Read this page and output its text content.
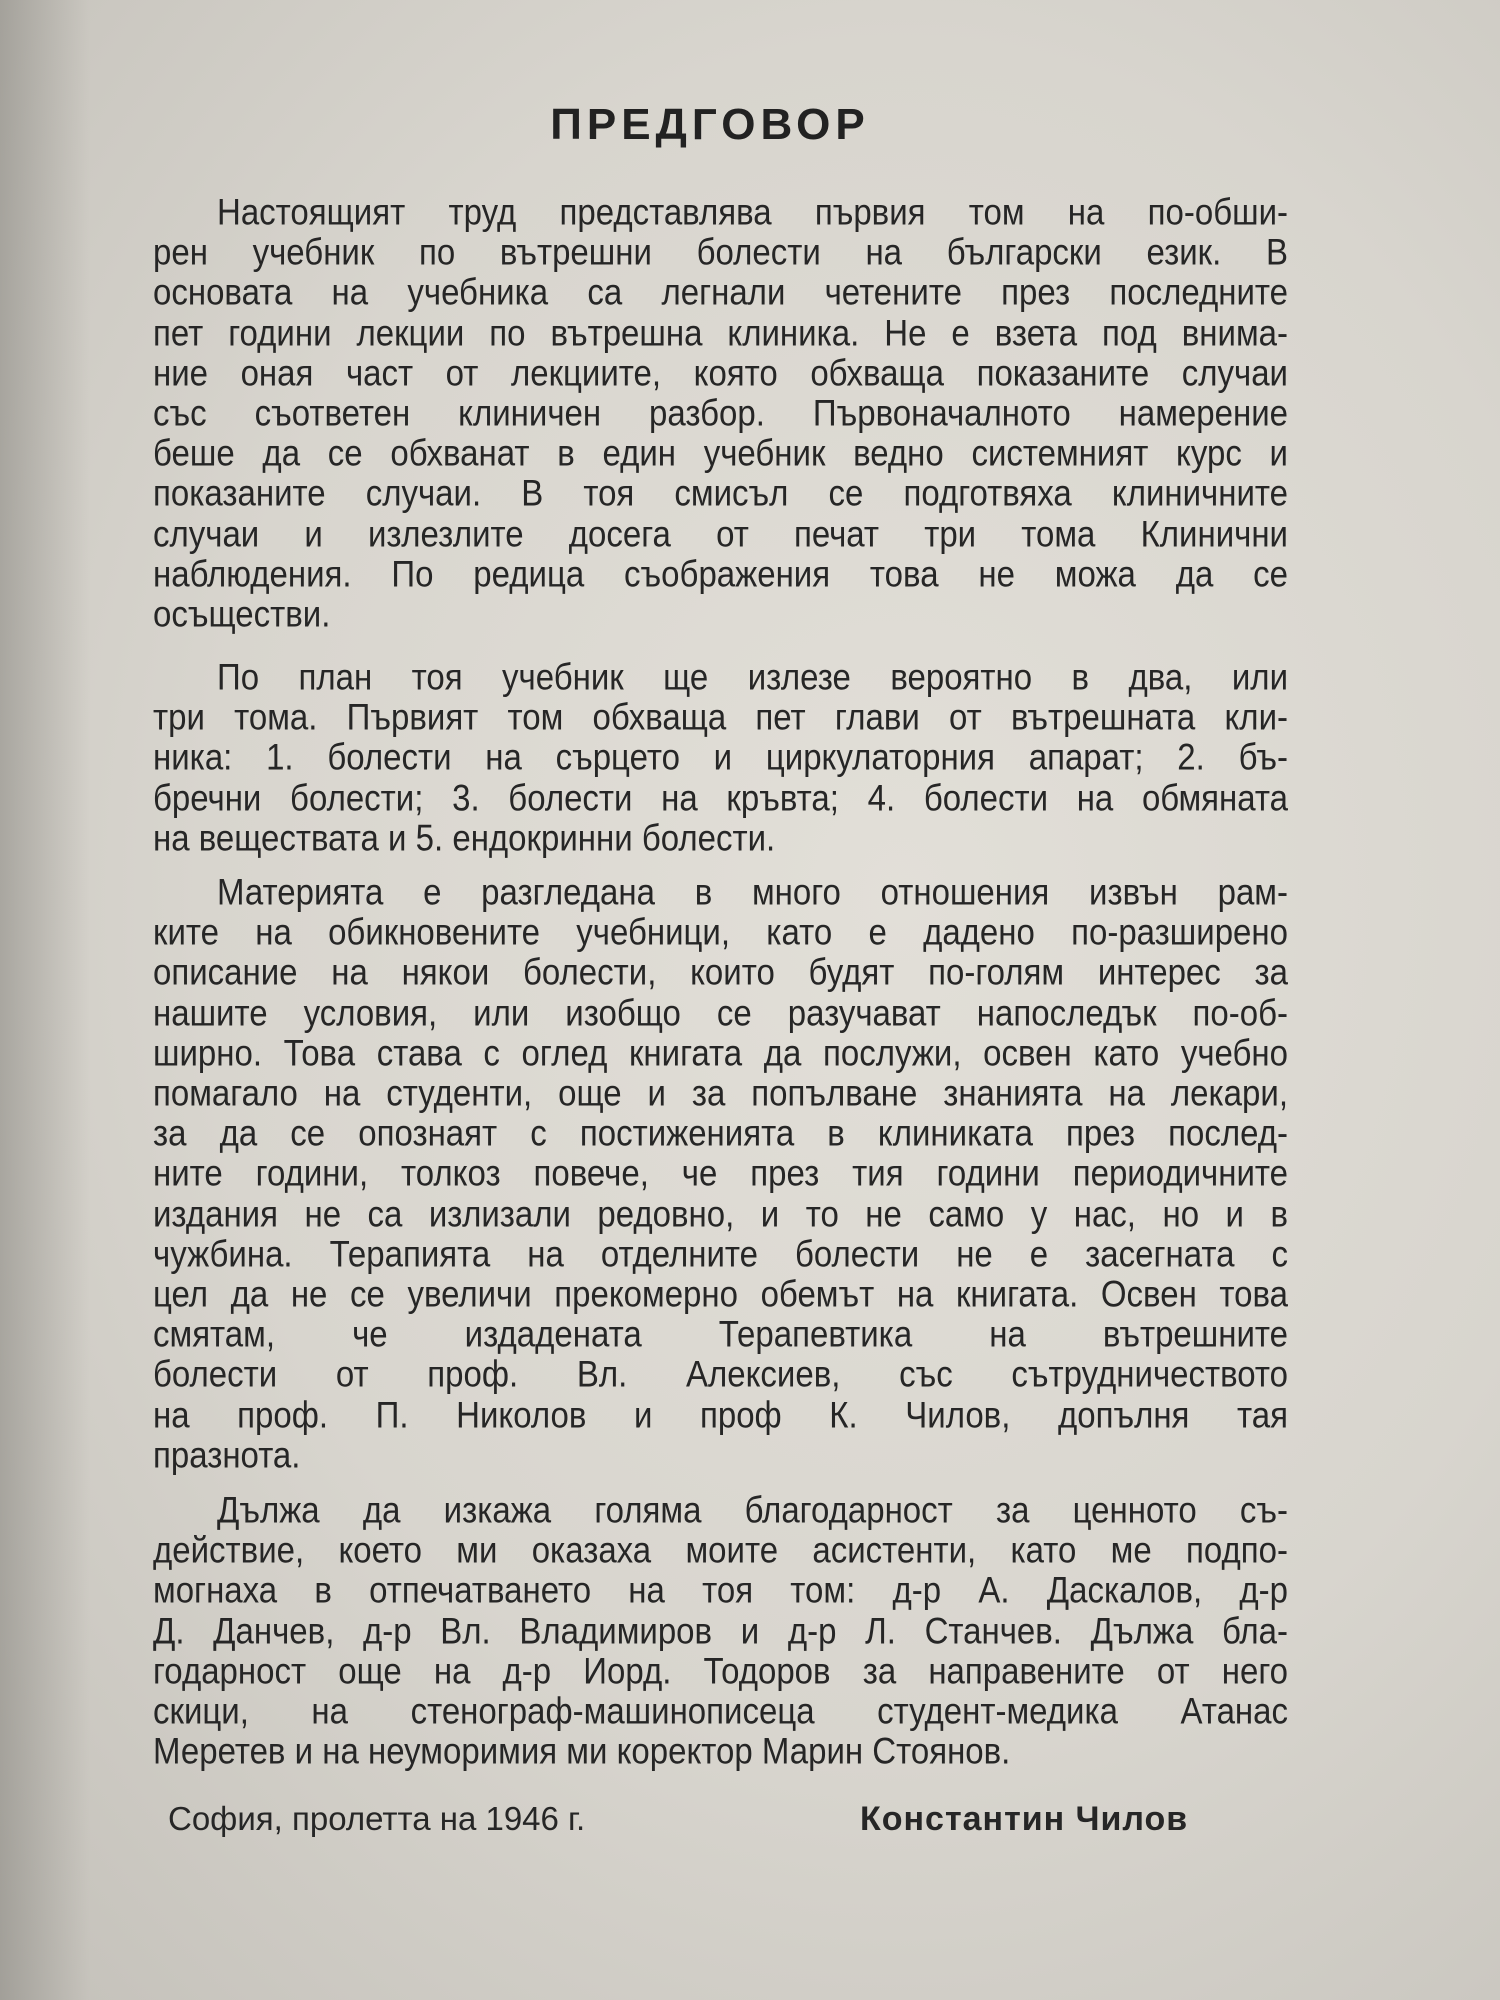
ПРЕДГОВОР
Настоящият труд представлява първия том на по-обши-
рен учебник по вътрешни болести на български език. В
основата на учебника са легнали четените през последните
пет години лекции по вътрешна клиника. Не е взета под внима-
ние оная част от лекциите, която обхваща показаните случаи
със съответен клиничен разбор. Първоначалното намерение
беше да се обхванат в един учебник ведно системният курс и
показаните случаи. В тоя смисъл се подготвяха клиничните
случаи и излезлите досега от печат три тома Клинични
наблюдения. По редица съображения това не можа да се
осъществи.
По план тоя учебник ще излезе вероятно в два, или
три тома. Първият том обхваща пет глави от вътрешната кли-
ника: 1. болести на сърцето и циркулаторния апарат; 2. бъ-
бречни болести; 3. болести на кръвта; 4. болести на обмяната
на веществата и 5. ендокринни болести.
Материята е разгледана в много отношения извън рам-
ките на обикновените учебници, като е дадено по-разширено
описание на някои болести, които будят по-голям интерес за
нашите условия, или изобщо се разучават напоследък по-об-
ширно. Това става с оглед книгата да послужи, освен като учебно
помагало на студенти, още и за попълване знанията на лекари,
за да се опознаят с постиженията в клиниката през послед-
ните години, толкоз повече, че през тия години периодичните
издания не са излизали редовно, и то не само у нас, но и в
чужбина. Терапията на отделните болести не е засегната с
цел да не се увеличи прекомерно обемът на книгата. Освен това
смятам, че издадената Терапевтика на вътрешните
болести от проф. Вл. Алексиев, със сътрудничеството
на проф. П. Николов и проф К. Чилов, допълня тая
празнота.
Дължа да изкажа голяма благодарност за ценното съ-
действие, което ми оказаха моите асистенти, като ме подпо-
могнаха в отпечатването на тоя том: д-р А. Даскалов, д-р
Д. Данчев, д-р Вл. Владимиров и д-р Л. Станчев. Дължа бла-
годарност още на д-р Иорд. Тодоров за направените от него
скици, на стенограф-машинописеца студент-медика Атанас
Меретев и на неуморимия ми коректор Марин Стоянов.
София, пролетта на 1946 г.	Константин Чилов
